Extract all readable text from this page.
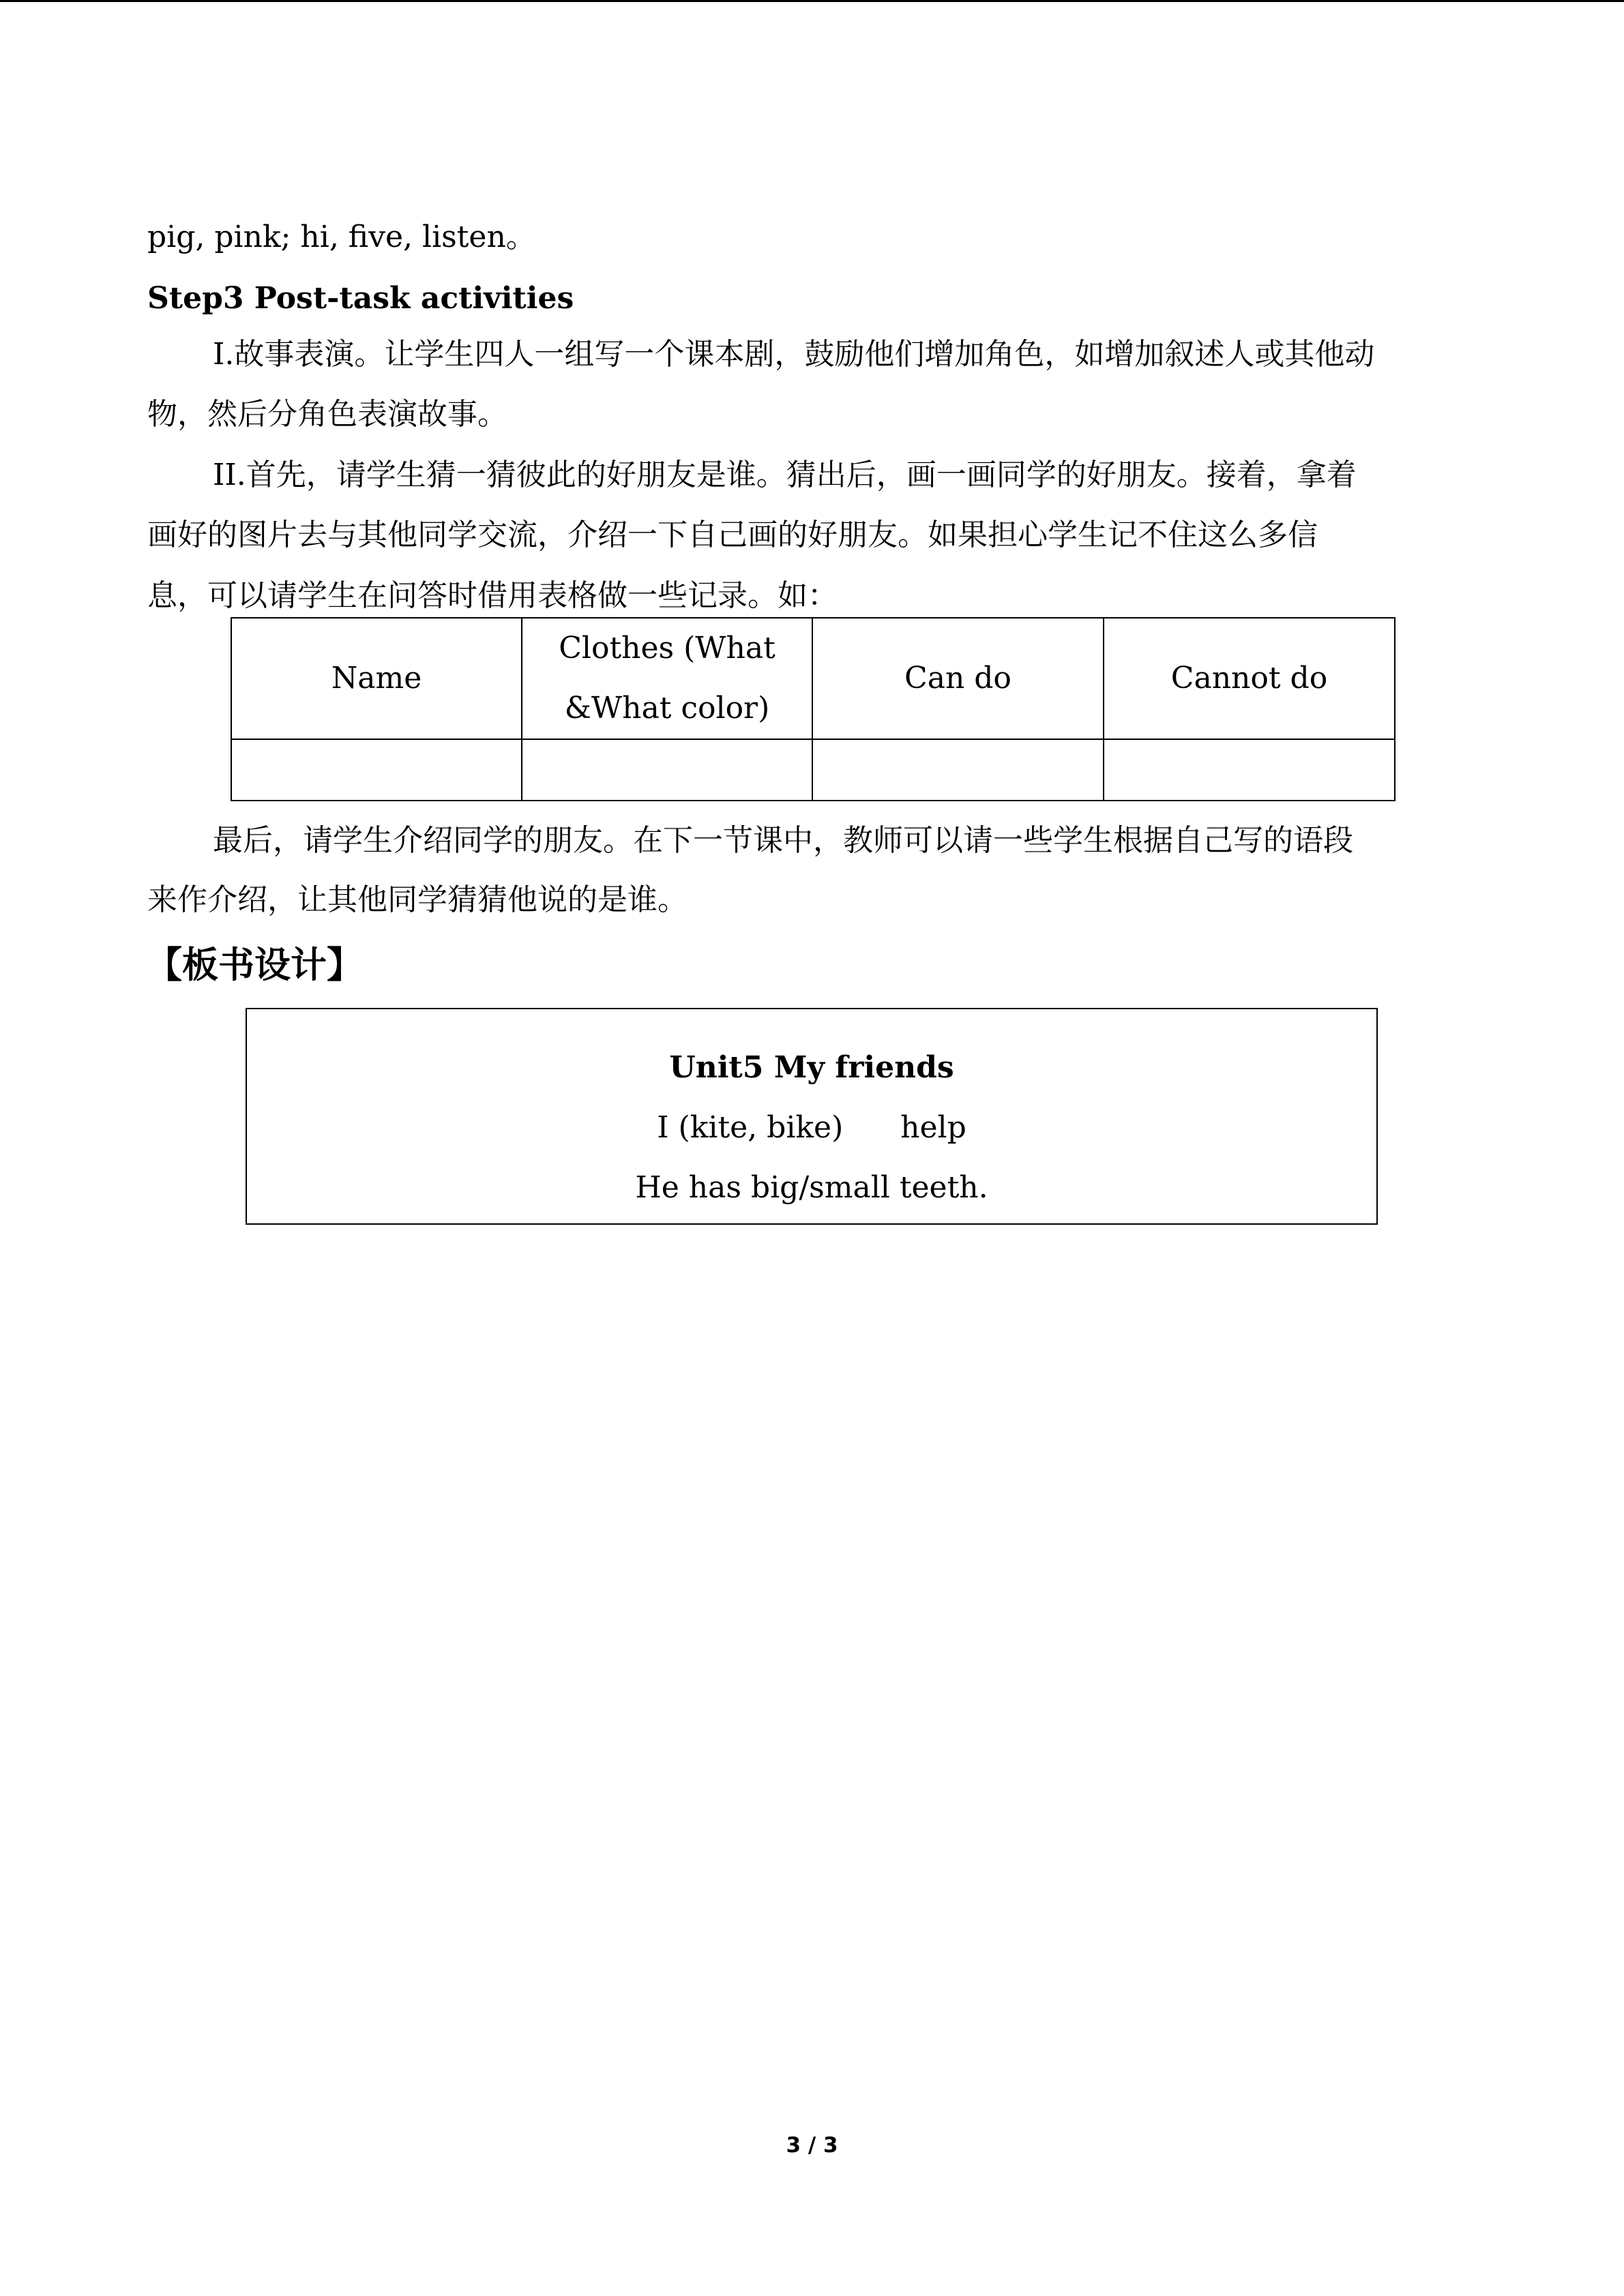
pig, pink; hi, five, listen。
Step3 Post-task activities
I.故事表演。让学生四人一组写一个课本剧，鼓励他们增加角色，如增加叙述人或其他动
物，然后分角色表演故事。
II.首先，请学生猜一猜彼此的好朋友是谁。猜出后，画一画同学的好朋友。接着，拿着
画好的图片去与其他同学交流，介绍一下自己画的好朋友。如果担心学生记不住这么多信
息，可以请学生在问答时借用表格做一些记录。如：
Name	Clothes (What
&What color)	Can do	Cannot do

最后，请学生介绍同学的朋友。在下一节课中，教师可以请一些学生根据自己写的语段
来作介绍，让其他同学猜猜他说的是谁。
【板书设计】
Unit5 My friends
I (kite, bike)      help
He has big/small teeth.
3 / 3
